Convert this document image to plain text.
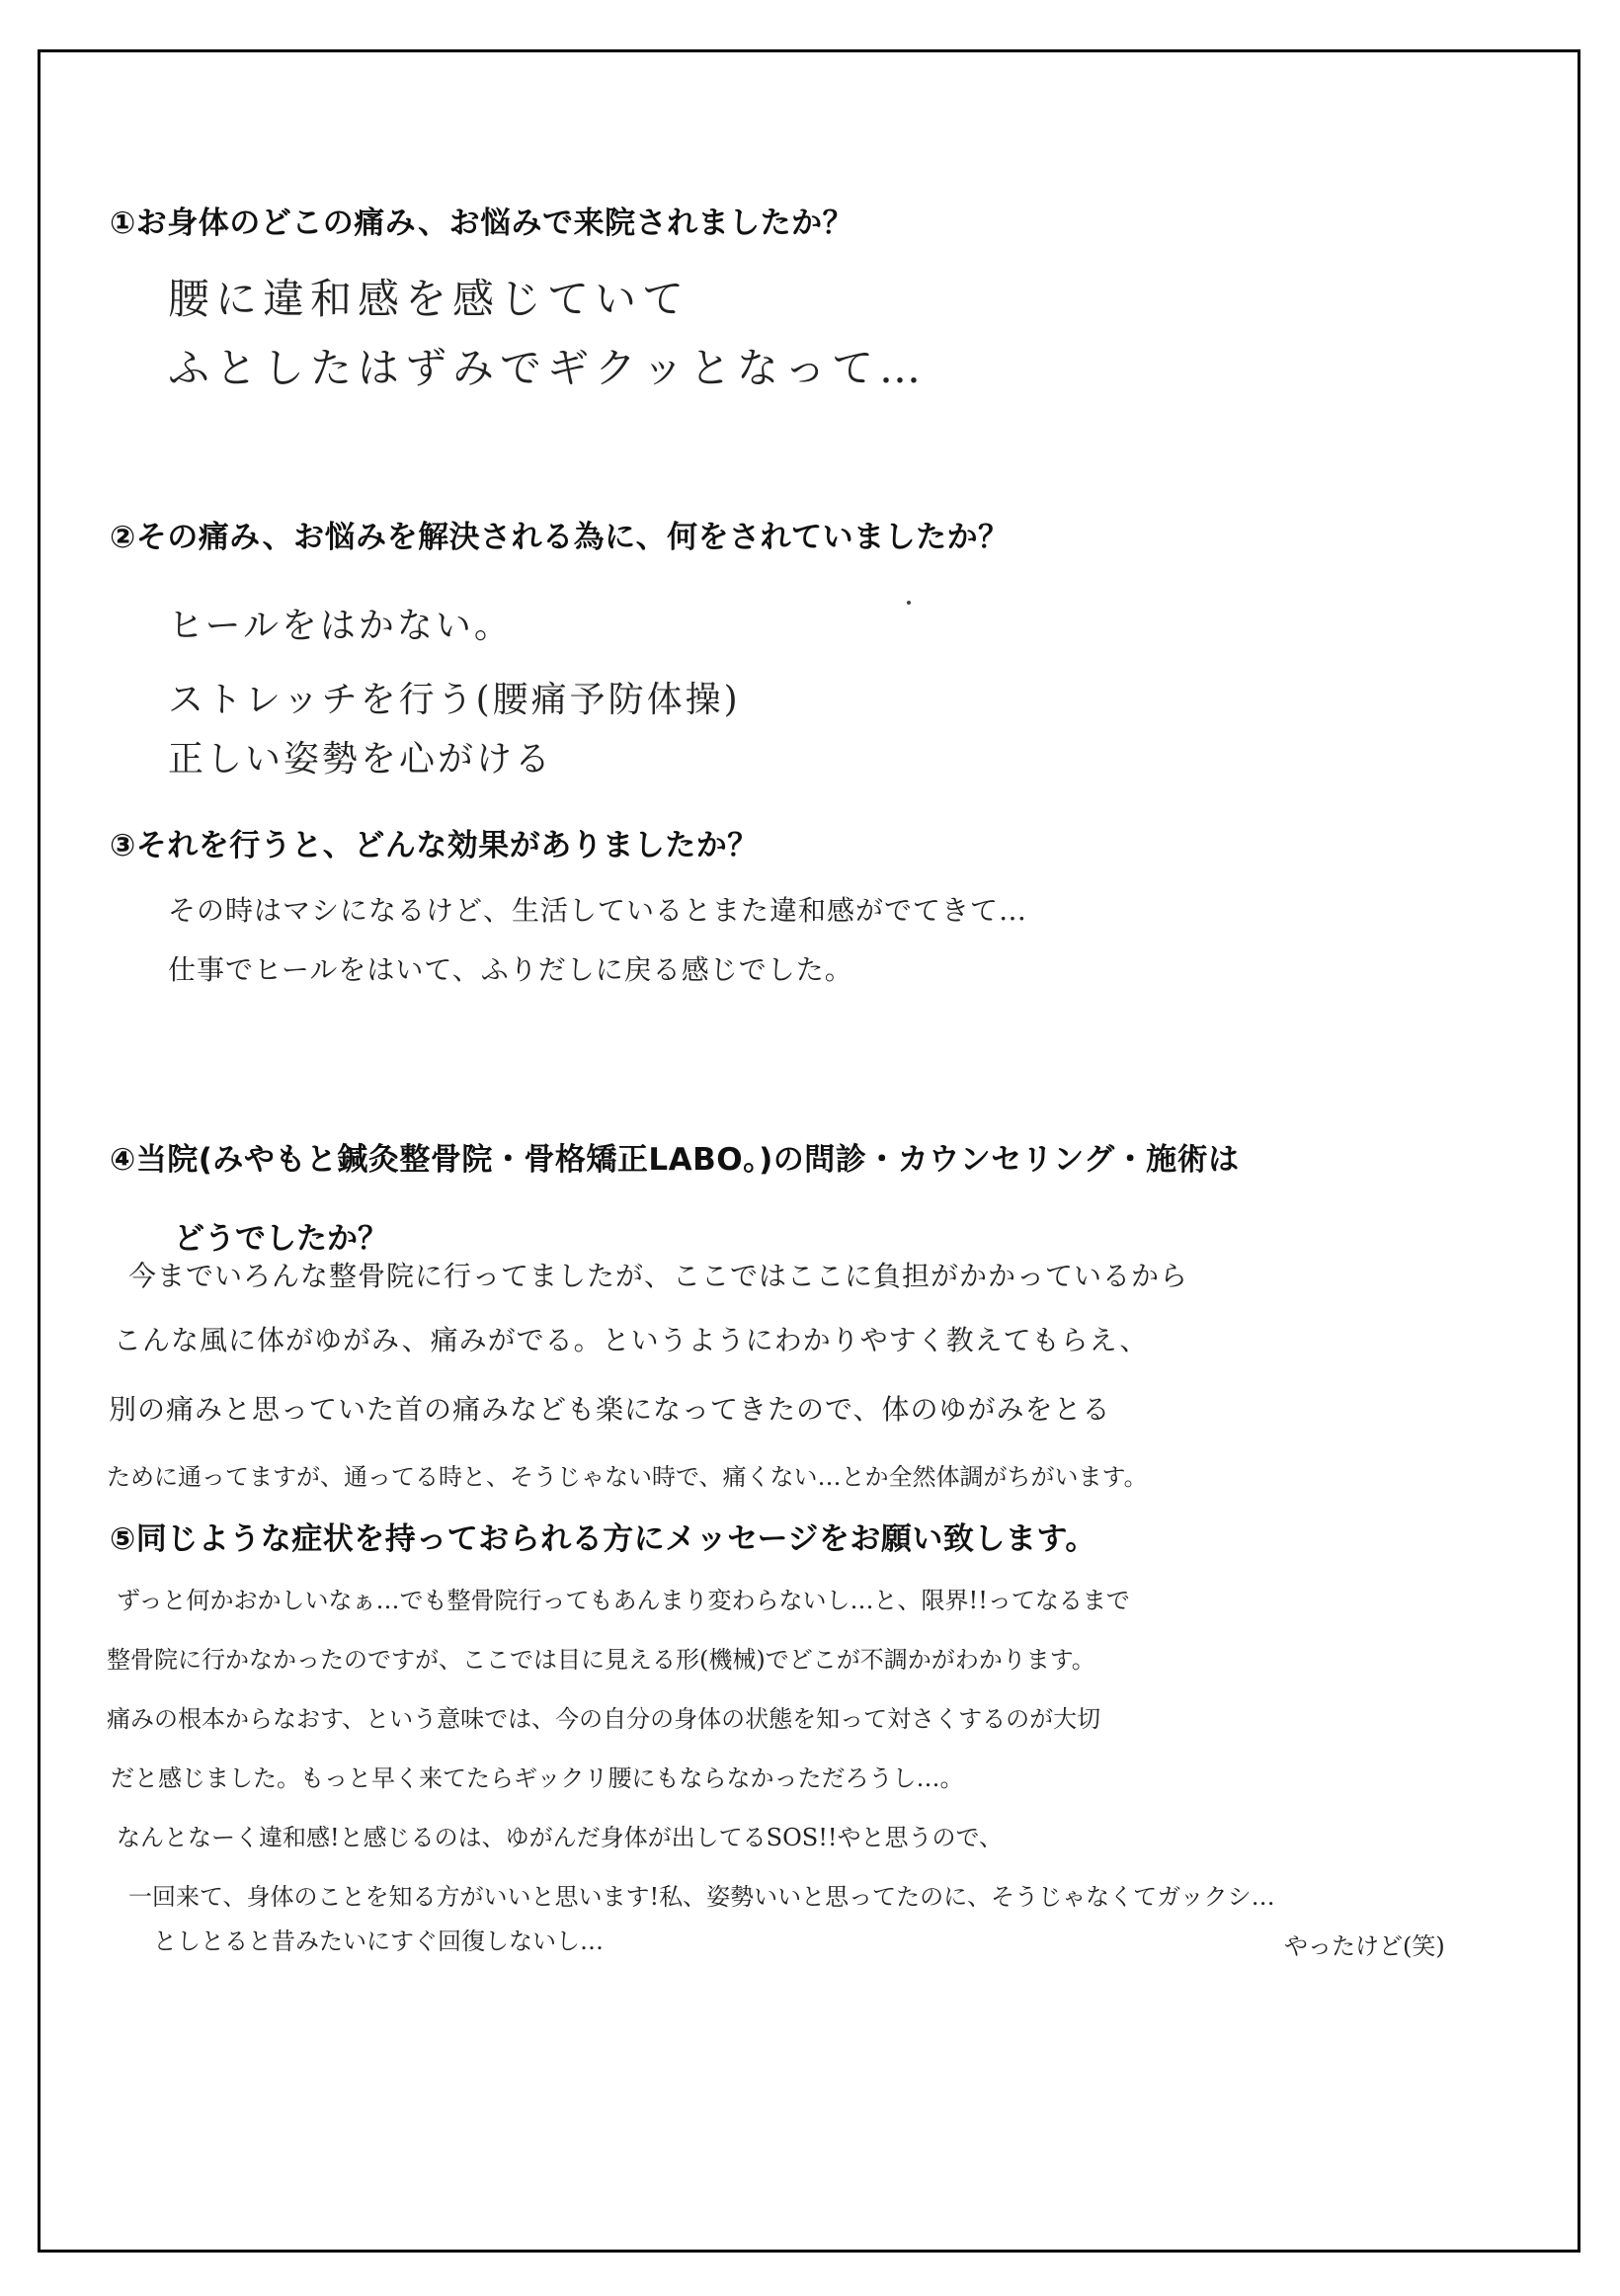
①お身体のどこの痛み、お悩みで来院されましたか？
腰に違和感を感じていて
ふとしたはずみでギクッとなって…
②その痛み、お悩みを解決される為に、何をされていましたか？
ヒールをはかない。
ストレッチを行う(腰痛予防体操)
正しい姿勢を心がける
③それを行うと、どんな効果がありましたか？
その時はマシになるけど、生活しているとまた違和感がでてきて…
仕事でヒールをはいて、ふりだしに戻る感じでした。
④当院(みやもと鍼灸整骨院・骨格矯正LABO。)の問診・カウンセリング・施術は
どうでしたか？
今までいろんな整骨院に行ってましたが、ここではここに負担がかかっているから
こんな風に体がゆがみ、痛みがでる。というようにわかりやすく教えてもらえ、
別の痛みと思っていた首の痛みなども楽になってきたので、体のゆがみをとる
ために通ってますが、通ってる時と、そうじゃない時で、痛くない…とか全然体調がちがいます。
⑤同じような症状を持っておられる方にメッセージをお願い致します。
ずっと何かおかしいなぁ…でも整骨院行ってもあんまり変わらないし…と、限界!!ってなるまで
整骨院に行かなかったのですが、ここでは目に見える形(機械)でどこが不調かがわかります。
痛みの根本からなおす、という意味では、今の自分の身体の状態を知って対さくするのが大切
だと感じました。もっと早く来てたらギックリ腰にもならなかっただろうし…。
なんとなーく違和感!と感じるのは、ゆがんだ身体が出してるSOS!!やと思うので、
一回来て、身体のことを知る方がいいと思います!私、姿勢いいと思ってたのに、そうじゃなくてガックシ…
としとると昔みたいにすぐ回復しないし…	やったけど(笑)
